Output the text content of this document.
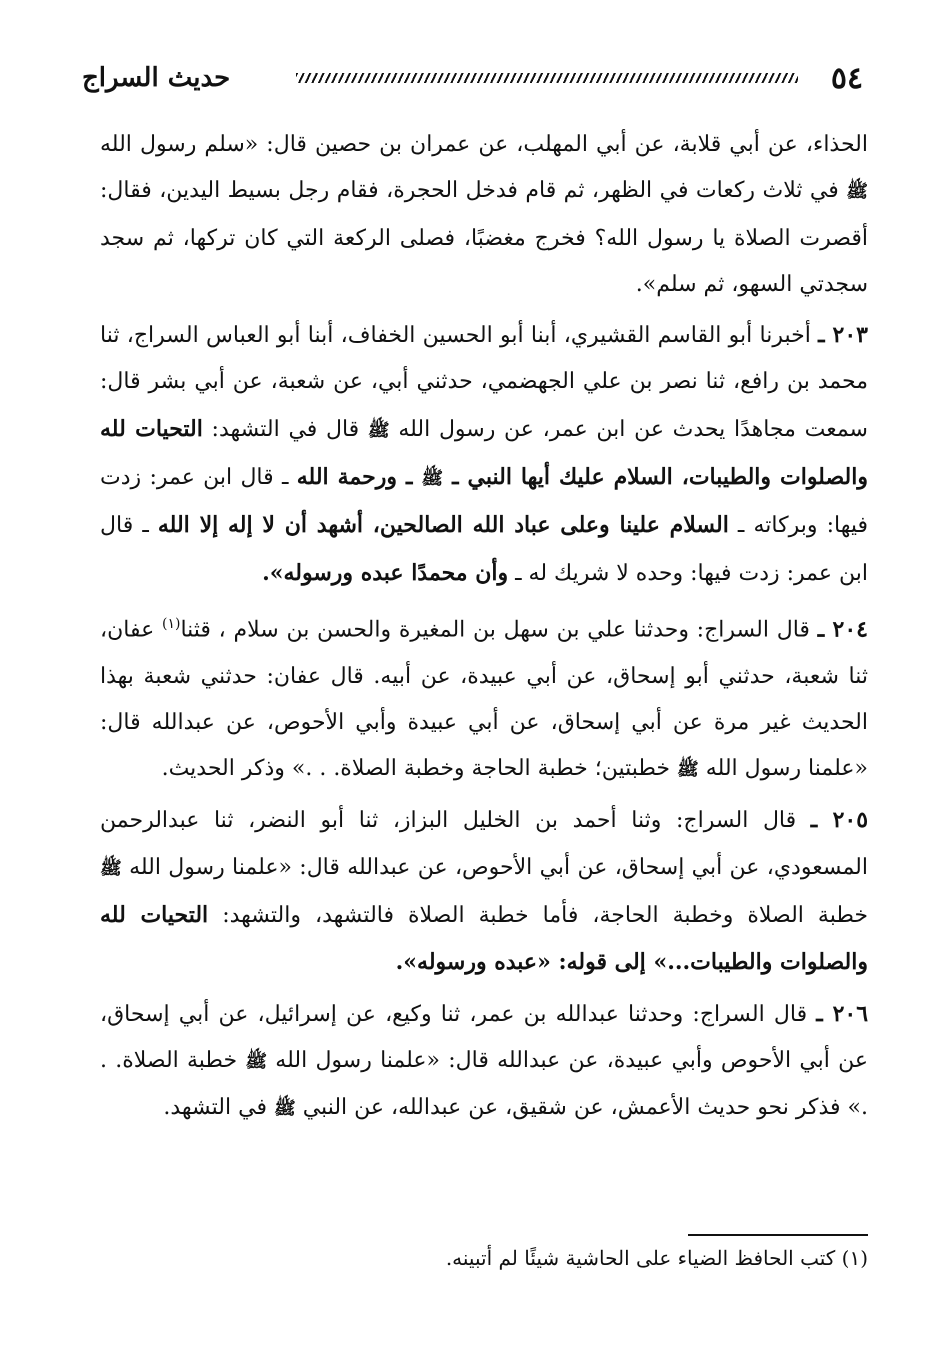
٥٤
حديث السراج

الحذاء، عن أبي قلابة، عن أبي المهلب، عن عمران بن حصين قال: «سلم رسول الله ﷺ في ثلاث ركعات في الظهر، ثم قام فدخل الحجرة، فقام رجل بسيط اليدين، فقال: أقصرت الصلاة يا رسول الله؟ فخرج مغضبًا، فصلى الركعة التي كان تركها، ثم سجد سجدتي السهو، ثم سلم».

٢٠٣ ـ أخبرنا أبو القاسم القشيري، أبنا أبو الحسين الخفاف، أبنا أبو العباس السراج، ثنا محمد بن رافع، ثنا نصر بن علي الجهضمي، حدثني أبي، عن شعبة، عن أبي بشر قال: سمعت مجاهدًا يحدث عن ابن عمر، عن رسول الله ﷺ قال في التشهد: التحيات لله والصلوات والطيبات، السلام عليك أيها النبي ـ ﷺ ـ ورحمة الله ـ قال ابن عمر: زدت فيها: وبركاته ـ السلام علينا وعلى عباد الله الصالحين، أشهد أن لا إله إلا الله ـ قال ابن عمر: زدت فيها: وحده لا شريك له ـ وأن محمدًا عبده ورسوله».

٢٠٤ ـ قال السراج: وحدثنا علي بن سهل بن المغيرة والحسن بن سلام ، قثنا$^{(١)}$ عفان، ثنا شعبة، حدثني أبو إسحاق، عن أبي عبيدة، عن أبيه. قال عفان: حدثني شعبة بهذا الحديث غير مرة عن أبي إسحاق، عن أبي عبيدة وأبي الأحوص، عن عبدالله قال: «علمنا رسول الله ﷺ خطبتين؛ خطبة الحاجة وخطبة الصلاة. . .» وذكر الحديث.

٢٠٥ ـ قال السراج: وثنا أحمد بن الخليل البزاز، ثنا أبو النضر، ثنا عبدالرحمن المسعودي، عن أبي إسحاق، عن أبي الأحوص، عن عبدالله قال: «علمنا رسول الله ﷺ خطبة الصلاة وخطبة الحاجة، فأما خطبة الصلاة فالتشهد، والتشهد: التحيات لله والصلوات والطيبات...» إلى قوله: «عبده ورسوله».

٢٠٦ ـ قال السراج: وحدثنا عبدالله بن عمر، ثنا وكيع، عن إسرائيل، عن أبي إسحاق، عن أبي الأحوص وأبي عبيدة، عن عبدالله قال: «علمنا رسول الله ﷺ خطبة الصلاة. . .» فذكر نحو حديث الأعمش، عن شقيق، عن عبدالله، عن النبي ﷺ في التشهد.

(١) كتب الحافظ الضياء على الحاشية شيئًا لم أتبينه.
